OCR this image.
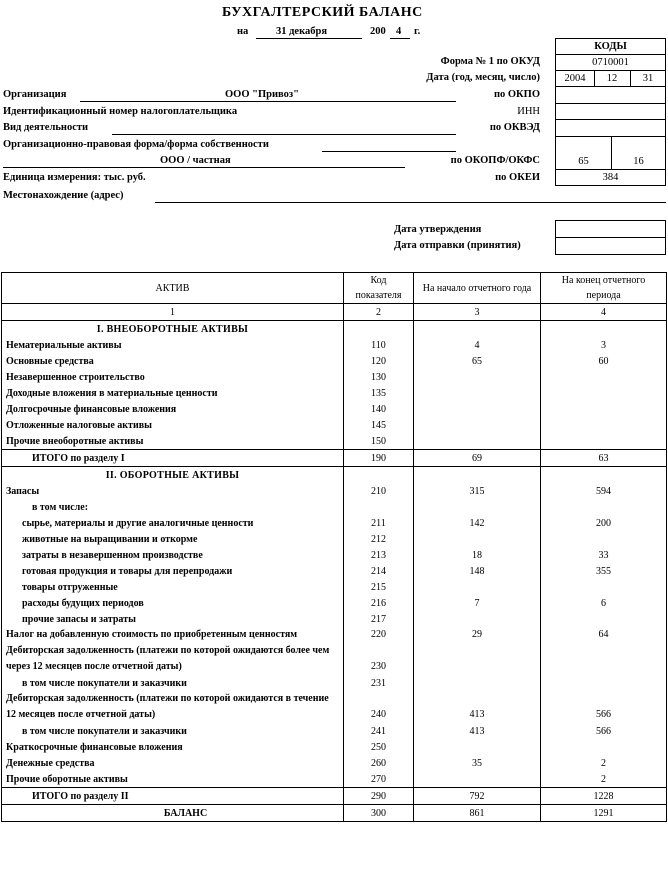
БУХГАЛТЕРСКИЙ БАЛАНС
на	31 декабря	200 4 г.
КОДЫ
0710001
2004	12	31
65	16
384
Форма № 1 по ОКУД
Дата (год, месяц, число)
по ОКПО
ИНН
по ОКВЭД
по ОКОПФ/ОКФС
по ОКЕИ
Организация	ООО "Привоз"
Идентификационный номер налогоплательщика
Вид деятельности
Организационно-правовая форма/форма собственности
ООО / частная
Единица измерения: тыс. руб.
Местонахождение (адрес)
Дата утверждения
Дата отправки (принятия)
АКТИВ	Код показателя	На начало отчетного года	На конец отчетного периода
1	2	3	4
I. ВНЕОБОРОТНЫЕ АКТИВЫ			
Нематериальные активы	110	4	3
Основные средства	120	65	60
Незавершенное строительство	130		
Доходные вложения в материальные ценности	135		
Долгосрочные финансовые вложения	140		
Отложенные налоговые активы	145		
Прочие внеоборотные активы	150		
ИТОГО по разделу I	190	69	63
II. ОБОРОТНЫЕ АКТИВЫ			
Запасы	210	315	594
в том числе:			
сырье, материалы и другие аналогичные ценности	211	142	200
животные на выращивании и откорме	212		
затраты в незавершенном производстве	213	18	33
готовая продукция и товары для перепродажи	214	148	355
товары отгруженные	215		
расходы будущих периодов	216	7	6
прочие запасы и затраты	217		
Налог на добавленную стоимость по приобретенным ценностям	220	29	64
Дебиторская задолженность (платежи по которой ожидаются более чем через 12 месяцев после отчетной даты)	230		
в том числе покупатели и заказчики	231		
Дебиторская задолженность (платежи по которой ожидаются в течение 12 месяцев после отчетной даты)	240	413	566
в том числе покупатели и заказчики	241	413	566
Краткосрочные финансовые вложения	250		
Денежные средства	260	35	2
Прочие оборотные активы	270		2
ИТОГО по разделу II	290	792	1228
БАЛАНС	300	861	1291
